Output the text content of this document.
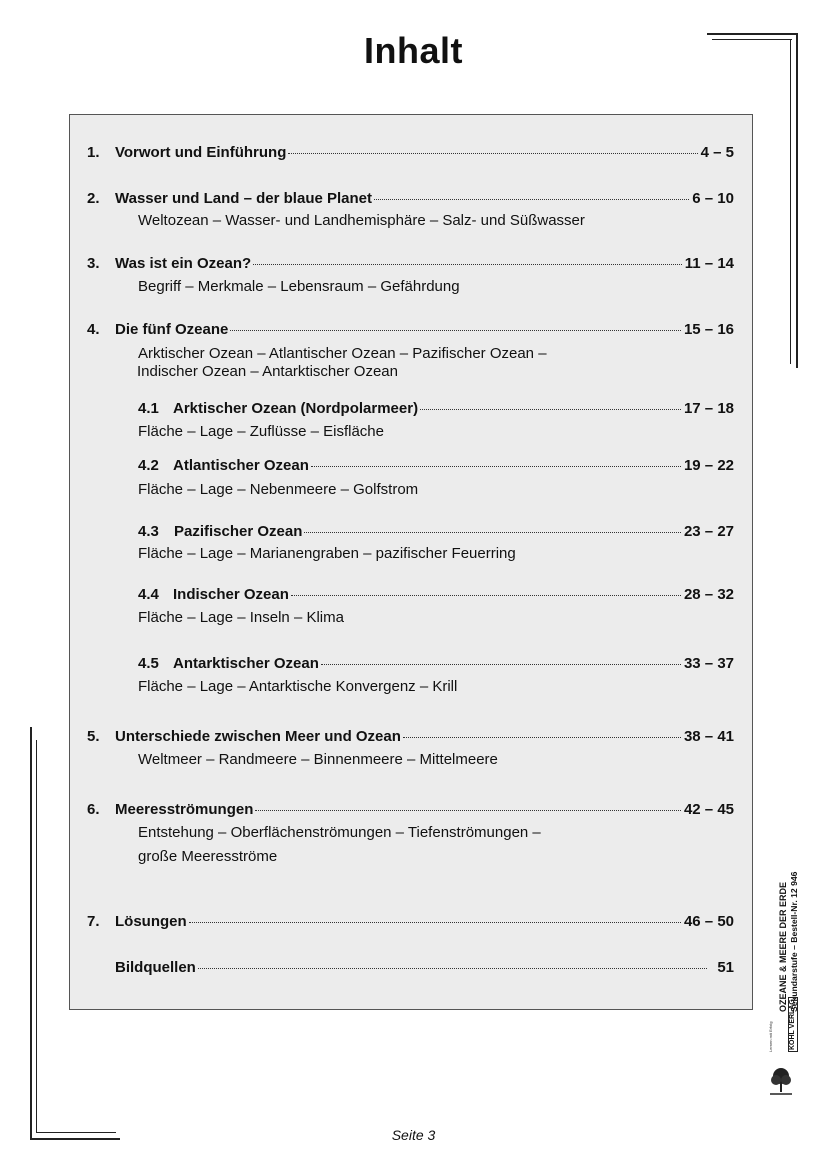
Inhalt
1.	Vorwort und Einführung	4 – 5
2.	Wasser und Land – der blaue Planet	6 – 10
Weltozean – Wasser- und Landhemisphäre – Salz- und Süßwasser
3.	Was ist ein Ozean?	11 – 14
Begriff – Merkmale – Lebensraum – Gefährdung
4.	Die fünf Ozeane	15 – 16
Arktischer Ozean – Atlantischer Ozean – Pazifischer Ozean –
Indischer Ozean – Antarktischer Ozean
4.1 Arktischer Ozean (Nordpolarmeer)	17 – 18
Fläche – Lage – Zuflüsse – Eisfläche
4.2 Atlantischer Ozean	19 – 22
Fläche – Lage – Nebenmeere – Golfstrom
4.3	Pazifischer Ozean	23 – 27
Fläche – Lage – Marianengraben – pazifischer Feuerring
4.4 Indischer Ozean	28 – 32
Fläche – Lage – Inseln – Klima
4.5 Antarktischer Ozean	33 – 37
Fläche – Lage – Antarktische Konvergenz – Krill
5.	Unterschiede zwischen Meer und Ozean	38 – 41
Weltmeer – Randmeere – Binnenmeere – Mittelmeere
6.	Meeresströmungen	42 – 45
Entstehung – Oberflächenströmungen – Tiefenströmungen –
große Meeresströme
7.	Lösungen	46 – 50
Bildquellen	51	OZEANE & MEERE DER ERDE Sekundarstufe – Bestell-Nr. 12 946
Lernen mit Erfolg KOHL VERLAG
Seite 3
